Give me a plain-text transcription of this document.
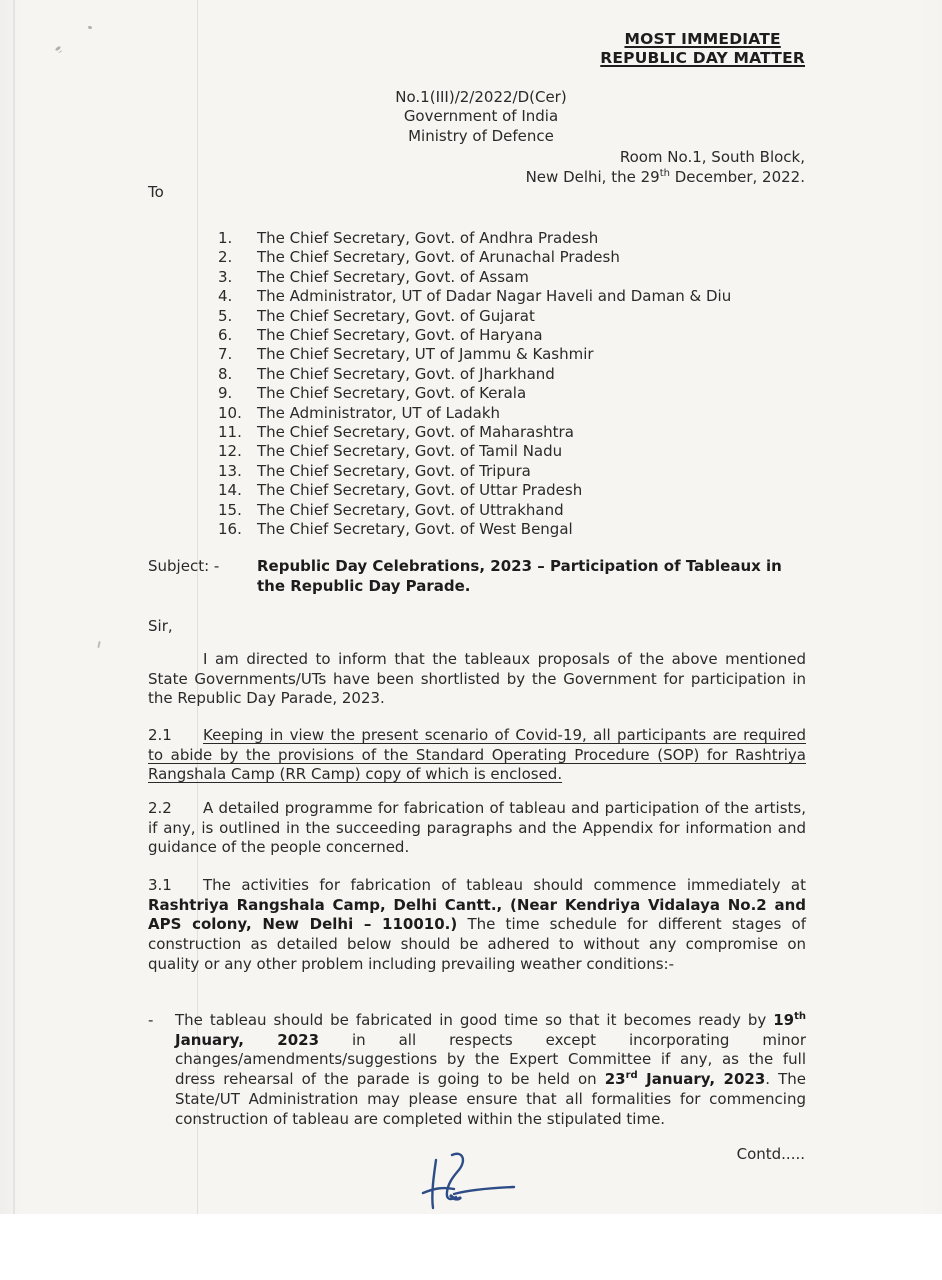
MOST IMMEDIATE
REPUBLIC DAY MATTER
No.1(III)/2/2022/D(Cer)
Government of India
Ministry of Defence
Room No.1, South Block,
New Delhi, the 29th December, 2022.
To
1.	The Chief Secretary, Govt. of Andhra Pradesh
2.	The Chief Secretary, Govt. of Arunachal Pradesh
3.	The Chief Secretary, Govt. of Assam
4.	The Administrator, UT of Dadar Nagar Haveli and Daman & Diu
5.	The Chief Secretary, Govt. of Gujarat
6.	The Chief Secretary, Govt. of Haryana
7.	The Chief Secretary, UT of Jammu & Kashmir
8.	The Chief Secretary, Govt. of Jharkhand
9.	The Chief Secretary, Govt. of Kerala
10.	The Administrator, UT of Ladakh
11.	The Chief Secretary, Govt. of Maharashtra
12.	The Chief Secretary, Govt. of Tamil Nadu
13.	The Chief Secretary, Govt. of Tripura
14.	The Chief Secretary, Govt. of Uttar Pradesh
15.	The Chief Secretary, Govt. of Uttrakhand
16.	The Chief Secretary, Govt. of West Bengal
Subject: -	Republic Day Celebrations, 2023 – Participation of Tableaux in the Republic Day Parade.
Sir,
I am directed to inform that the tableaux proposals of the above mentioned State Governments/UTs have been shortlisted by the Government for participation in the Republic Day Parade, 2023.
2.1 Keeping in view the present scenario of Covid-19, all participants are required to abide by the provisions of the Standard Operating Procedure (SOP) for Rashtriya Rangshala Camp (RR Camp) copy of which is enclosed.
2.2 A detailed programme for fabrication of tableau and participation of the artists, if any, is outlined in the succeeding paragraphs and the Appendix for information and guidance of the people concerned.
3.1 The activities for fabrication of tableau should commence immediately at Rashtriya Rangshala Camp, Delhi Cantt., (Near Kendriya Vidalaya No.2 and APS colony, New Delhi – 110010.) The time schedule for different stages of construction as detailed below should be adhered to without any compromise on quality or any other problem including prevailing weather conditions:-
- The tableau should be fabricated in good time so that it becomes ready by 19th January, 2023 in all respects except incorporating minor changes/amendments/suggestions by the Expert Committee if any, as the full dress rehearsal of the parade is going to be held on 23rd January, 2023. The State/UT Administration may please ensure that all formalities for commencing construction of tableau are completed within the stipulated time.
Contd.....
